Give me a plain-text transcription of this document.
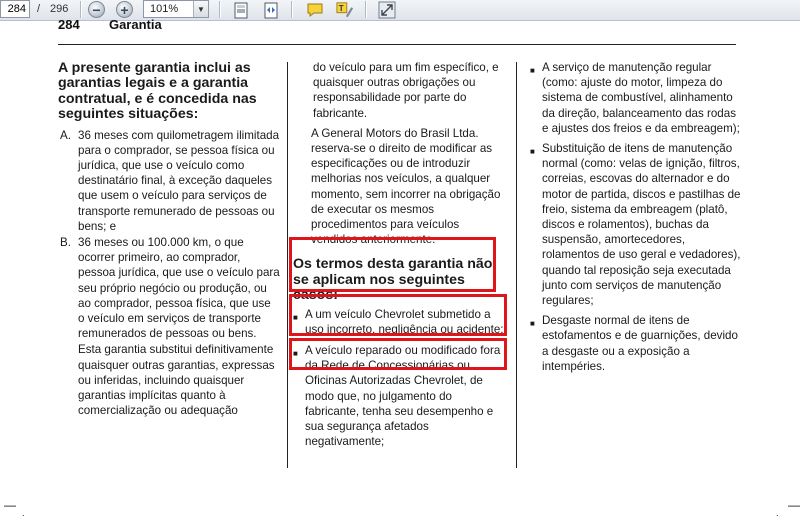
284
/ 296	−	+	101%	▼	T
284 Garantia
A presente garantia inclui as garantias legais e a garantia contratual, e é concedida nas seguintes situações:
A. 36 meses com quilometragem ilimitada para o comprador, se pessoa física ou jurídica, que use o veículo como destinatário final, à exceção daqueles que usem o veículo para serviços de transporte remunerado de pessoas ou bens; e
B. 36 meses ou 100.000 km, o que ocorrer primeiro, ao comprador, pessoa jurídica, que use o veículo para seu próprio negócio ou produção, ou ao comprador, pessoa física, que use o veículo em serviços de transporte remunerados de pessoas ou bens.
Esta garantia substitui definitivamente quaisquer outras garantias, expressas ou inferidas, incluindo quaisquer garantias implícitas quanto à comercialização ou adequação

do veículo para um fim específico, e quaisquer outras obrigações ou responsabilidade por parte do fabricante.

A General Motors do Brasil Ltda. reserva-se o direito de modificar as especificações ou de introduzir melhorias nos veículos, a qualquer momento, sem incorrer na obrigação de executar os mesmos procedimentos para veículos vendidos anteriormente.

Os termos desta garantia não se aplicam nos seguintes casos:
■ A um veículo Chevrolet submetido a uso incorreto, negligência ou acidente;
■ A veículo reparado ou modificado fora da Rede de Concessionárias ou Oficinas Autorizadas Chevrolet, de modo que, no julgamento do fabricante, tenha seu desempenho e sua segurança afetados negativamente;
■ A serviço de manutenção regular (como: ajuste do motor, limpeza do sistema de combustível, alinhamento da direção, balanceamento das rodas e ajustes dos freios e da embreagem);
■ Substituição de itens de manutenção normal (como: velas de ignição, filtros, correias, escovas do alternador e do motor de partida, discos e pastilhas de freio, sistema da embreagem (platô, discos e rolamentos), buchas da suspensão, amortecedores, rolamentos de uso geral e vedadores), quando tal reposição seja executada junto com serviços de manutenção regulares;
■ Desgaste normal de itens de estofamentos e de guarnições, devido a desgaste ou a exposição a intempéries.
—
.	.
—
